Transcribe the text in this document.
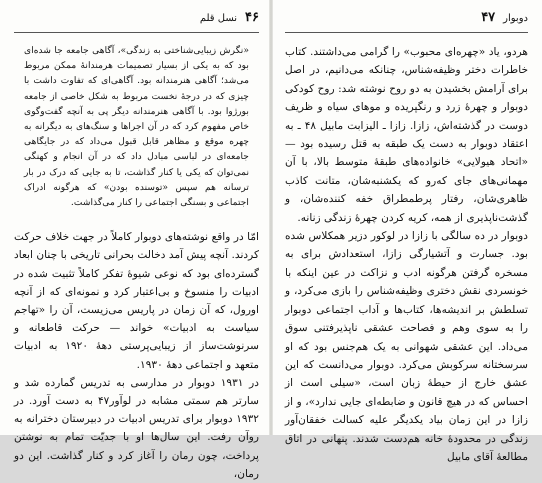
نسل قلم ۴۶
«نگرش زیبایی‌شناختی به زندگی»، آگاهی جامعه جا شده‌ای بود که به یکی از بسیار تصمیمات هرمندانهٔ ممکن مربوط می‌شد؛ آگاهی هنرمندانه بود. آگاهی‌ای که تفاوت داشت با چیزی که در درجهٔ نخست مربوط به شکل خاصی از جامعه بورژوا بود. با آگاهی هنرمندانه دیگر پی به آنچه گفت‌وگوی خاص مفهوم کرد که در آن اجرا‌ها و سنگ‌های به دیگرانه به چهره موقع و مظاهر قابل قبول می‌داد که در جایگاهی جامعه‌ای در لباسی مبادل داد که در آن انجام و کهنگی نمی‌توان که یکی یا کنار گذاشت، تا به جایی که درک در بار ترسانه هم سپس «توسنده بودن» که هرگونه ادراک اجتماعی و بسنگی اجتماعی را کنار می‌گذاشت.

امّا در واقع نوشته‌های دوبوار کاملاً در جهت خلاف حرکت کردند. آنچه پیش آمد دخالت بحرانی تاریخی با چنان ابعاد گسترده‌ای بود که نوعی شیوهٔ تفکر کاملاً تثبیت شده در ادبیات را منسوخ و بی‌اعتبار کرد و نمونه‌ای که از آنچه اورول، که آن زمان در پاریس می‌زیست، آن را «تهاجم سیاست به ادبیات» خواند — حرکت قاطعانه و سرنوشت‌ساز از زیبایی‌پرستی دههٔ ۱۹۲۰ به ادبیات متعهد و اجتماعی دههٔ ۱۹۳۰.

در ۱۹۳۱ دوبوار در مدارسی به تدریس گمارده شد و سارتر هم سمتی مشابه در لوآور۴۷ به دست آورد. در ۱۹۳۲ دوبوار برای تدریس ادبیات در دبیرستان دخترانه به روآن رفت. این سال‌ها او با جدیّت تمام به نوشتن پرداخت، چون رمان را آغاز کرد و کنار گذاشت. این دو رمان،

دوبوار
۴۷

هردو، یاد «چهره‌ای محبوب» را گرامی می‌داشتند. کتاب خاطرات دختر وظیفه‌شناس، چنانکه می‌دانیم، در اصل برای آرامش بخشیدن به دو روح نوشته شد: روح کودکی دوبوار و چهرهٔ زرد و رنگپریده و موهای سیاه و ظریف دوست در گذشته‌اش، زازا. زازا ـ الیزابت مابیل ۴۸ ـ به اعتقاد دوبوار به دست یک طبقه به قتل رسیده بود — «اتحاد هیولایی» خانواده‌های طبقهٔ متوسط بالا، با آن مهمانی‌های جای که‌رو که یکشنبه‌شان، متانت کاذب ظاهری‌شان، رفتار پرطمطراق خفه کننده‌شان، و گذشت‌ناپذیری از همه، کریه کردن چهرهٔ زندگی زنانه.

دوبوار در ده سالگی با زازا در لوکور دزیر همکلاس شده بود. جسارت و آتشیارگی زازا، استعدادش برای به مسخره گرفتن هرگونه ادب و نزاکت در عین اینکه با خونسردی نقش دختری وظیفه‌شناس را بازی می‌کرد، و تسلطش بر اندیشه‌ها، کتاب‌ها و آداب اجتماعی دوبوار را به سوی وهم و فصاحت عشقی ناپذیرفتنی سوق می‌داد. این عشقی شهوانی به یک هم‌جنس بود که او سرسختانه سرکوبش می‌کرد. دوبوار می‌دانست که این عشق خارج از حیطهٔ زبان است، «سیلی است از احساس که در هیچ قانون و ضابطه‌ای جایی ندارد»، و از زازا در این زمان بیاد یکدیگر علیه کسالت خفقان‌آور زندگی در محدودهٔ خانه هم‌دست شدند. پنهانی در اتاق مطالعهٔ آقای مابیل
